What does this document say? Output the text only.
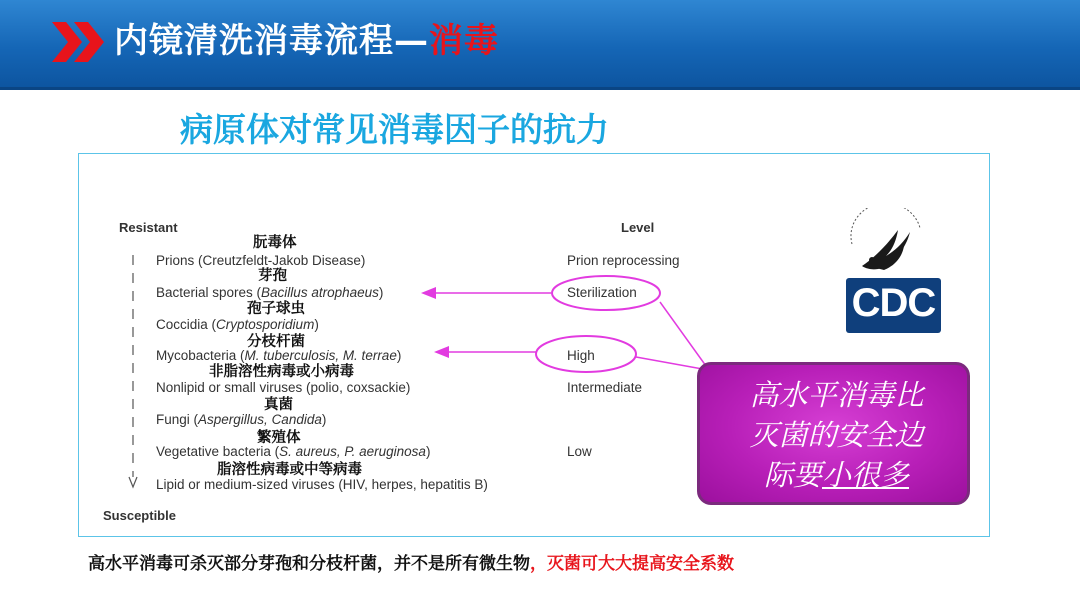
内镜清洗消毒流程—消毒
病原体对常见消毒因子的抗力
Resistant	Level
Susceptible
朊毒体
Prions (Creutzfeldt-Jakob Disease)	Prion reprocessing
芽孢
Bacterial spores (Bacillus atrophaeus)	Sterilization
孢子球虫
Coccidia (Cryptosporidium)
分枝杆菌
Mycobacteria (M. tuberculosis, M. terrae)	High
非脂溶性病毒或小病毒
Nonlipid or small viruses (polio, coxsackie)	Intermediate
真菌
Fungi (Aspergillus, Candida)
繁殖体
Vegetative bacteria (S. aureus, P. aeruginosa)	Low
脂溶性病毒或中等病毒
Lipid or medium-sized viruses (HIV, herpes, hepatitis B)
高水平消毒比
灭菌的安全边
际要小很多
CDC
高水平消毒可杀灭部分芽孢和分枝杆菌，并不是所有微生物，灭菌可大大提高安全系数
